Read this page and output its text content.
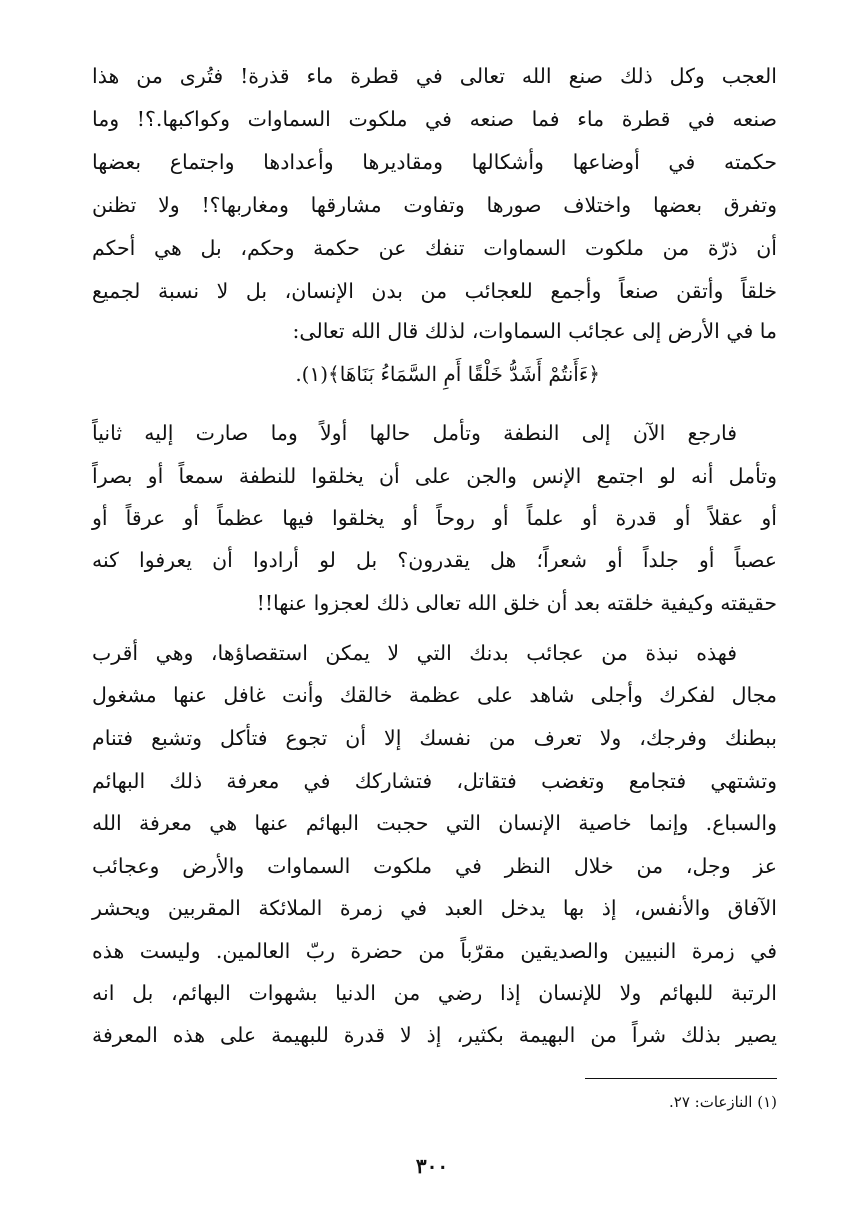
العجب وكل ذلك صنع الله تعالى في قطرة ماء قذرة! فتُرى من هذا
صنعه في قطرة ماء فما صنعه في ملكوت السماوات وكواكبها.؟! وما
حكمته في أوضاعها وأشكالها ومقاديرها وأعدادها واجتماع بعضها
وتفرق بعضها واختلاف صورها وتفاوت مشارقها ومغاربها؟! ولا تظنن
أن ذرّة من ملكوت السماوات تنفك عن حكمة وحكم، بل هي أحكم
خلقاً وأتقن صنعاً وأجمع للعجائب من بدن الإنسان، بل لا نسبة لجميع
ما في الأرض إلى عجائب السماوات، لذلك قال الله تعالى:
﴿ءَأَنتُمْ أَشَدُّ خَلْقًا أَمِ السَّمَاءُ بَنَاهَا﴾(١).
فارجع الآن إلى النطفة وتأمل حالها أولاً وما صارت إليه ثانياً
وتأمل أنه لو اجتمع الإنس والجن على أن يخلقوا للنطفة سمعاً أو بصراً
أو عقلاً أو قدرة أو علماً أو روحاً أو يخلقوا فيها عظماً أو عرقاً أو
عصباً أو جلداً أو شعراً؛ هل يقدرون؟ بل لو أرادوا أن يعرفوا كنه
حقيقته وكيفية خلقته بعد أن خلق الله تعالى ذلك لعجزوا عنها!!
فهذه نبذة من عجائب بدنك التي لا يمكن استقصاؤها، وهي أقرب
مجال لفكرك وأجلى شاهد على عظمة خالقك وأنت غافل عنها مشغول
ببطنك وفرجك، ولا تعرف من نفسك إلا أن تجوع فتأكل وتشبع فتنام
وتشتهي فتجامع وتغضب فتقاتل، فتشاركك في معرفة ذلك البهائم
والسباع. وإنما خاصية الإنسان التي حجبت البهائم عنها هي معرفة الله
عز وجل، من خلال النظر في ملكوت السماوات والأرض وعجائب
الآفاق والأنفس، إذ بها يدخل العبد في زمرة الملائكة المقربين ويحشر
في زمرة النبيين والصديقين مقرّباً من حضرة ربّ العالمين. وليست هذه
الرتبة للبهائم ولا للإنسان إذا رضي من الدنيا بشهوات البهائم، بل انه
يصير بذلك شراً من البهيمة بكثير، إذ لا قدرة للبهيمة على هذه المعرفة
(١) النازعات: ٢٧.
٣٠٠
